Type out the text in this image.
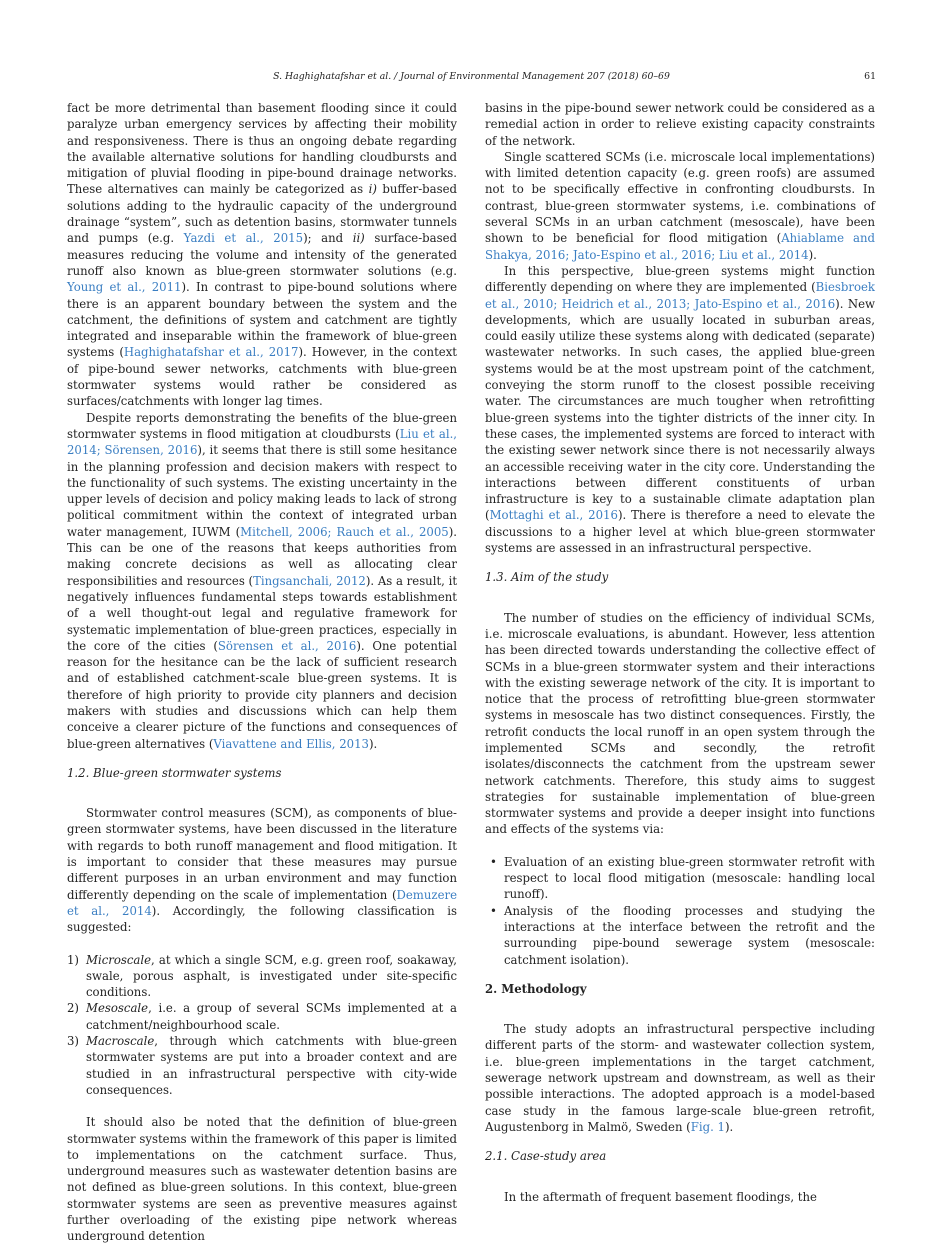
S. Haghighatafshar et al. / Journal of Environmental Management 207 (2018) 60–69	61

fact be more detrimental than basement flooding since it could paralyze urban emergency services by affecting their mobility and responsiveness. There is thus an ongoing debate regarding the available alternative solutions for handling cloudbursts and mitigation of pluvial flooding in pipe-bound drainage networks. These alternatives can mainly be categorized as i) buffer-based solutions adding to the hydraulic capacity of the underground drainage “system”, such as detention basins, stormwater tunnels and pumps (e.g. Yazdi et al., 2015); and ii) surface-based measures reducing the volume and intensity of the generated runoff also known as blue-green stormwater solutions (e.g. Young et al., 2011). In contrast to pipe-bound solutions where there is an apparent boundary between the system and the catchment, the definitions of system and catchment are tightly integrated and inseparable within the framework of blue-green systems (Haghighatafshar et al., 2017). However, in the context of pipe-bound sewer networks, catchments with blue-green stormwater systems would rather be considered as surfaces/catchments with longer lag times.

Despite reports demonstrating the benefits of the blue-green stormwater systems in flood mitigation at cloudbursts (Liu et al., 2014; Sörensen, 2016), it seems that there is still some hesitance in the planning profession and decision makers with respect to the functionality of such systems. The existing uncertainty in the upper levels of decision and policy making leads to lack of strong political commitment within the context of integrated urban water management, IUWM (Mitchell, 2006; Rauch et al., 2005). This can be one of the reasons that keeps authorities from making concrete decisions as well as allocating clear responsibilities and resources (Tingsanchali, 2012). As a result, it negatively influences fundamental steps towards establishment of a well thought-out legal and regulative framework for systematic implementation of blue-green practices, especially in the core of the cities (Sörensen et al., 2016). One potential reason for the hesitance can be the lack of sufficient research and of established catchment-scale blue-green systems. It is therefore of high priority to provide city planners and decision makers with studies and discussions which can help them conceive a clearer picture of the functions and consequences of blue-green alternatives (Viavattene and Ellis, 2013).

1.2. Blue-green stormwater systems

Stormwater control measures (SCM), as components of blue-green stormwater systems, have been discussed in the literature with regards to both runoff management and flood mitigation. It is important to consider that these measures may pursue different purposes in an urban environment and may function differently depending on the scale of implementation (Demuzere et al., 2014). Accordingly, the following classification is suggested:

1) Microscale, at which a single SCM, e.g. green roof, soakaway, swale, porous asphalt, is investigated under site-specific conditions.
2) Mesoscale, i.e. a group of several SCMs implemented at a catchment/neighbourhood scale.
3) Macroscale, through which catchments with blue-green stormwater systems are put into a broader context and are studied in an infrastructural perspective with city-wide consequences.

It should also be noted that the definition of blue-green stormwater systems within the framework of this paper is limited to implementations on the catchment surface. Thus, underground measures such as wastewater detention basins are not defined as blue-green solutions. In this context, blue-green stormwater systems are seen as preventive measures against further overloading of the existing pipe network whereas underground detention

basins in the pipe-bound sewer network could be considered as a remedial action in order to relieve existing capacity constraints of the network.

Single scattered SCMs (i.e. microscale local implementations) with limited detention capacity (e.g. green roofs) are assumed not to be specifically effective in confronting cloudbursts. In contrast, blue-green stormwater systems, i.e. combinations of several SCMs in an urban catchment (mesoscale), have been shown to be beneficial for flood mitigation (Ahiablame and Shakya, 2016; Jato-Espino et al., 2016; Liu et al., 2014).

In this perspective, blue-green systems might function differently depending on where they are implemented (Biesbroek et al., 2010; Heidrich et al., 2013; Jato-Espino et al., 2016). New developments, which are usually located in suburban areas, could easily utilize these systems along with dedicated (separate) wastewater networks. In such cases, the applied blue-green systems would be at the most upstream point of the catchment, conveying the storm runoff to the closest possible receiving water. The circumstances are much tougher when retrofitting blue-green systems into the tighter districts of the inner city. In these cases, the implemented systems are forced to interact with the existing sewer network since there is not necessarily always an accessible receiving water in the city core. Understanding the interactions between different constituents of urban infrastructure is key to a sustainable climate adaptation plan (Mottaghi et al., 2016). There is therefore a need to elevate the discussions to a higher level at which blue-green stormwater systems are assessed in an infrastructural perspective.

1.3. Aim of the study

The number of studies on the efficiency of individual SCMs, i.e. microscale evaluations, is abundant. However, less attention has been directed towards understanding the collective effect of SCMs in a blue-green stormwater system and their interactions with the existing sewerage network of the city. It is important to notice that the process of retrofitting blue-green stormwater systems in mesoscale has two distinct consequences. Firstly, the retrofit conducts the local runoff in an open system through the implemented SCMs and secondly, the retrofit isolates/disconnects the catchment from the upstream sewer network catchments. Therefore, this study aims to suggest strategies for sustainable implementation of blue-green stormwater systems and provide a deeper insight into functions and effects of the systems via:

• Evaluation of an existing blue-green stormwater retrofit with respect to local flood mitigation (mesoscale: handling local runoff).
• Analysis of the flooding processes and studying the interactions at the interface between the retrofit and the surrounding pipe-bound sewerage system (mesoscale: catchment isolation).
2. Methodology

The study adopts an infrastructural perspective including different parts of the storm- and wastewater collection system, i.e. blue-green implementations in the target catchment, sewerage network upstream and downstream, as well as their possible interactions. The adopted approach is a model-based case study in the famous large-scale blue-green retrofit, Augustenborg in Malmö, Sweden (Fig. 1).

2.1. Case-study area

In the aftermath of frequent basement floodings, the
